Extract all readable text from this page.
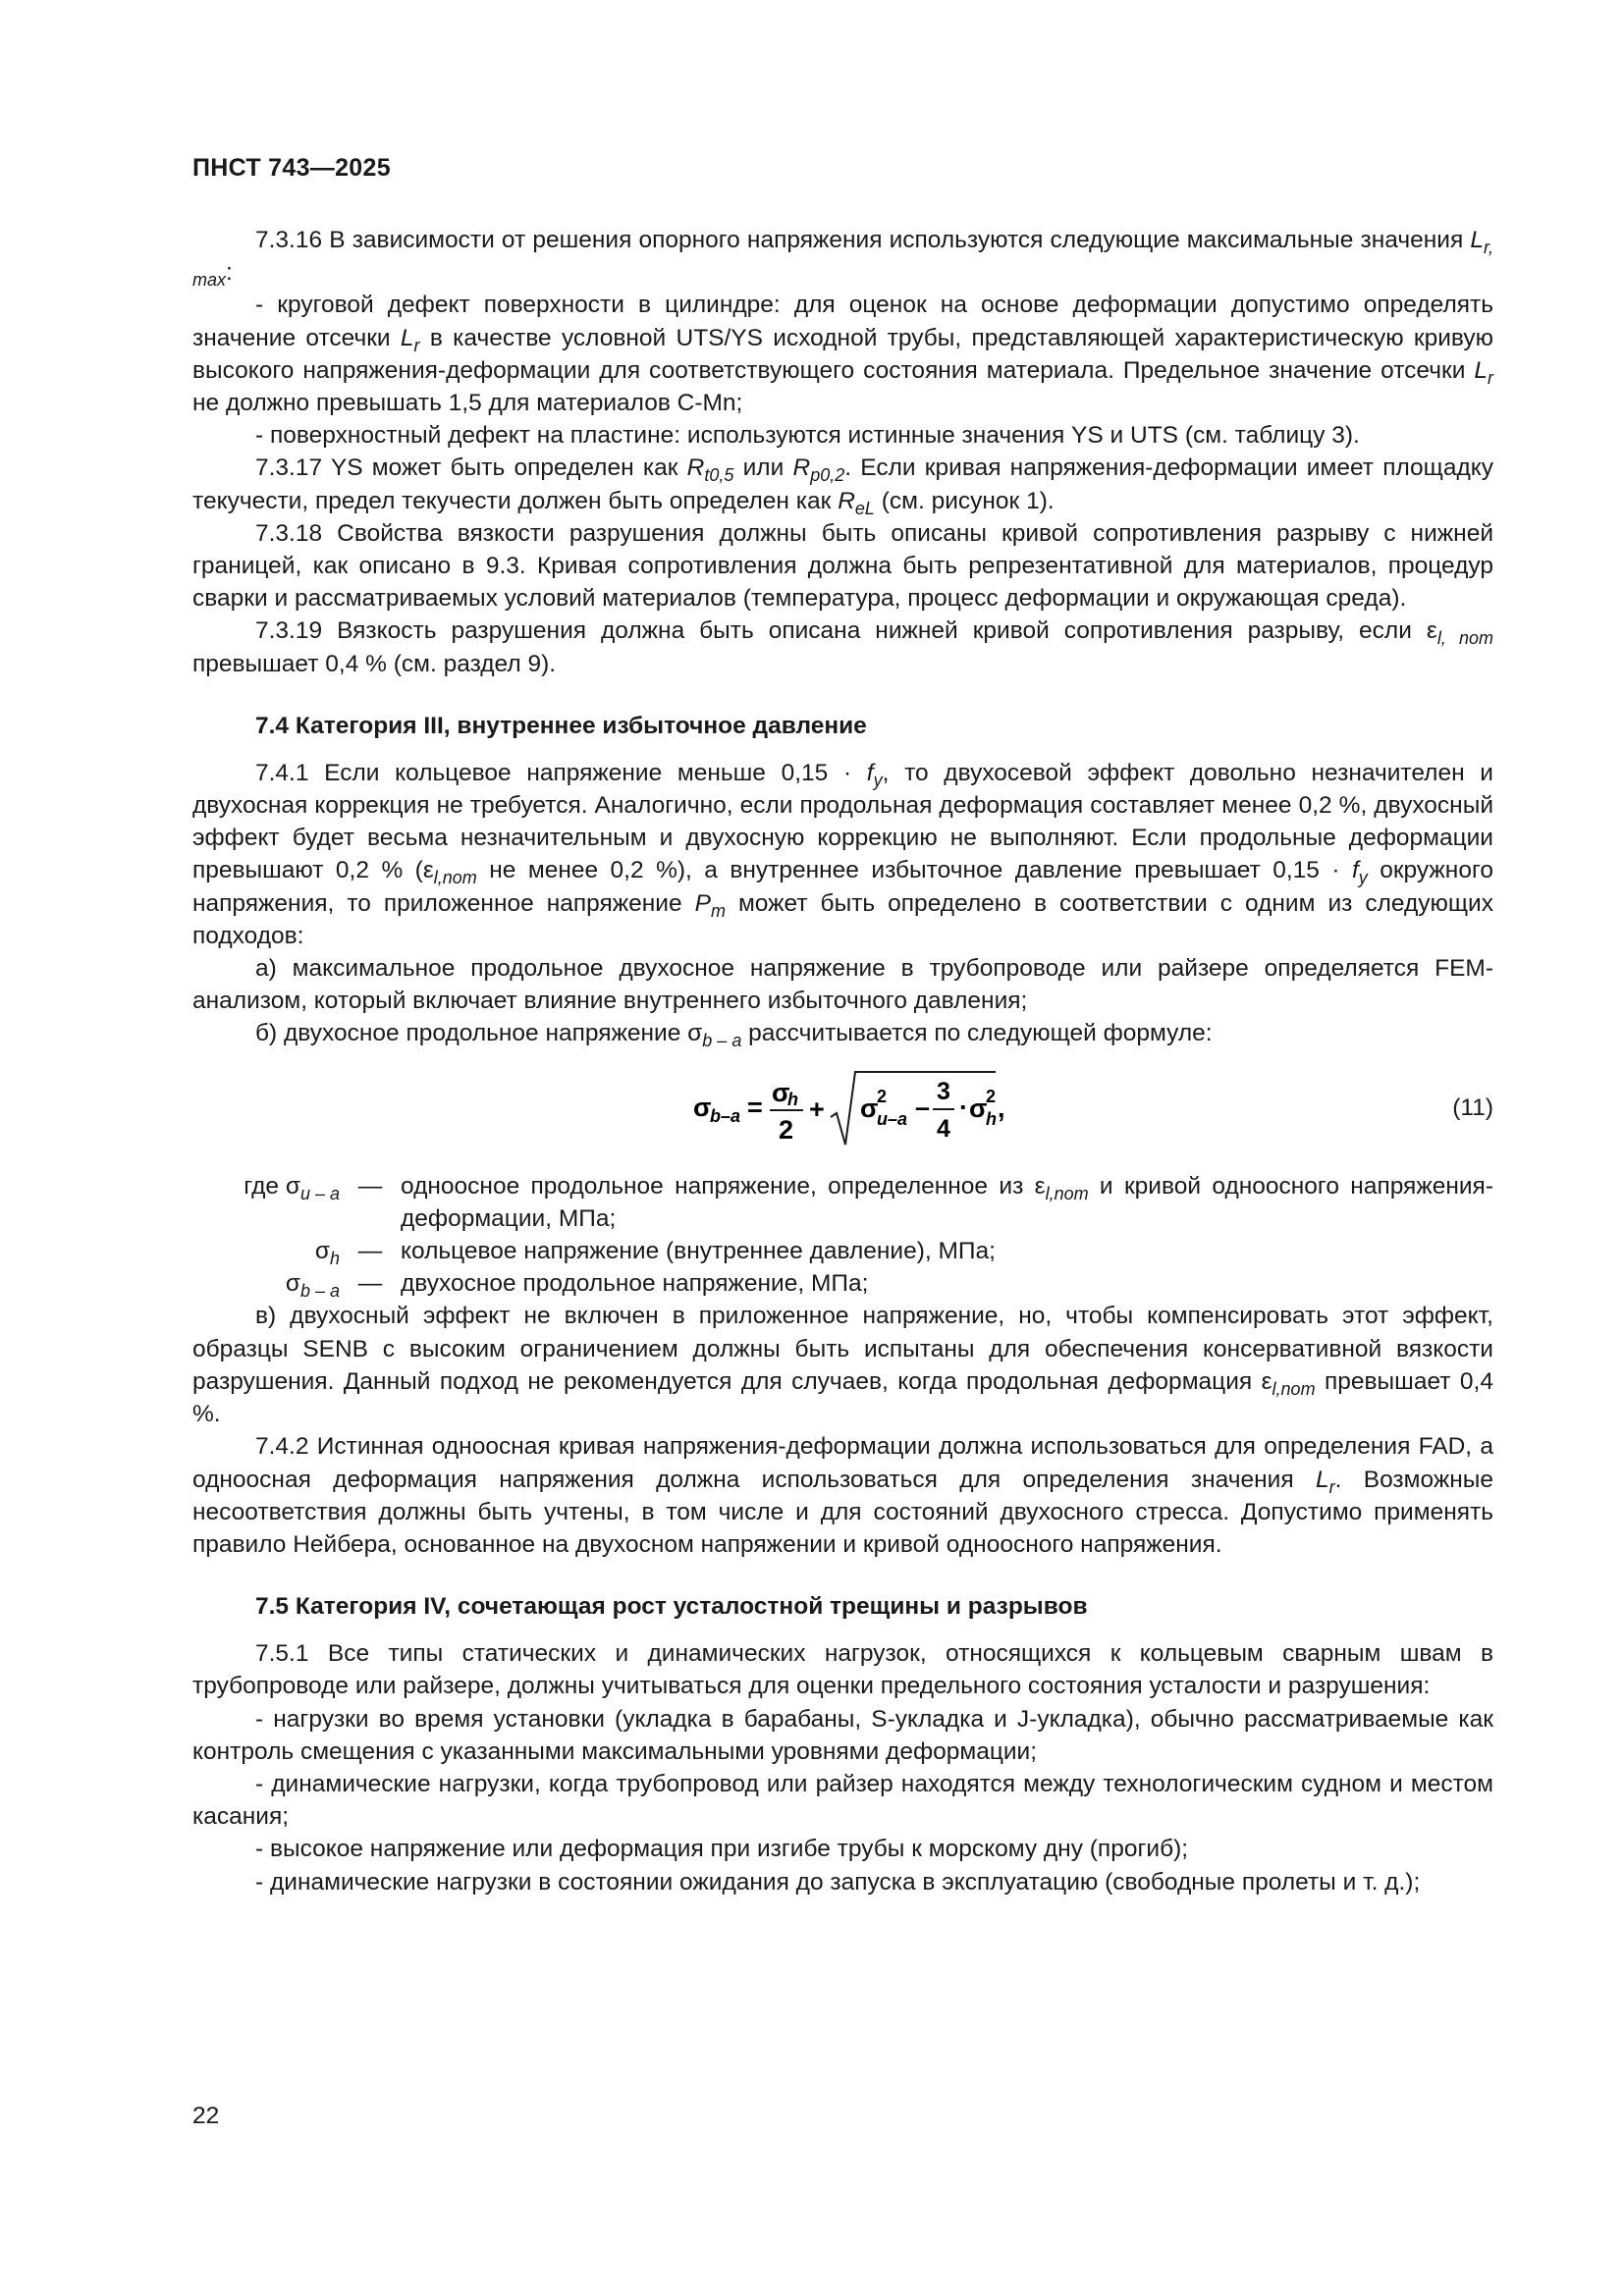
ПНСТ 743—2025

7.3.16 В зависимости от решения опорного напряжения используются следующие максимальные значения $L_{r, max}$:

- круговой дефект поверхности в цилиндре: для оценок на основе деформации допустимо определять значение отсечки $L_r$ в качестве условной UTS/YS исходной трубы, представляющей характеристическую кривую высокого напряжения-деформации для соответствующего состояния материала. Предельное значение отсечки $L_r$ не должно превышать 1,5 для материалов C-Mn;

- поверхностный дефект на пластине: используются истинные значения YS и UTS (см. таблицу 3).

7.3.17 YS может быть определен как $R_{t0,5}$ или $R_{p0,2}$. Если кривая напряжения-деформации имеет площадку текучести, предел текучести должен быть определен как $R_{eL}$ (см. рисунок 1).

7.3.18 Свойства вязкости разрушения должны быть описаны кривой сопротивления разрыву с нижней границей, как описано в 9.3. Кривая сопротивления должна быть репрезентативной для материалов, процедур сварки и рассматриваемых условий материалов (температура, процесс деформации и окружающая среда).

7.3.19 Вязкость разрушения должна быть описана нижней кривой сопротивления разрыву, если $\varepsilon_{l, nom}$ превышает 0,4 % (см. раздел 9).

7.4 Категория III, внутреннее избыточное давление

7.4.1 Если кольцевое напряжение меньше $0,15 \cdot f_y$, то двухосевой эффект довольно незначителен и двухосная коррекция не требуется. Аналогично, если продольная деформация составляет менее 0,2 %, двухосный эффект будет весьма незначительным и двухосную коррекцию не выполняют. Если продольные деформации превышают 0,2 % ($\varepsilon_{l,nom}$ не менее 0,2 %), а внутреннее избыточное давление превышает $0,15 \cdot f_y$ окружного напряжения, то приложенное напряжение $P_m$ может быть определено в соответствии с одним из следующих подходов:

а) максимальное продольное двухосное напряжение в трубопроводе или райзере определяется FEM-анализом, который включает влияние внутреннего избыточного давления;

б) двухосное продольное напряжение $\sigma_{b - a}$ рассчитывается по следующей формуле:

σ
b–a = σ
h
2
+ σ
2
u–a –
3
4
· σ
2
h ,	(11)
где $\sigma_{u - a}$ — одноосное продольное напряжение, определенное из $\varepsilon_{l,nom}$ и кривой одноосного напряжения-деформации, МПа;
$\sigma_h$ — кольцевое напряжение (внутреннее давление), МПа;
$\sigma_{b - a}$ — двухосное продольное напряжение, МПа;

в) двухосный эффект не включен в приложенное напряжение, но, чтобы компенсировать этот эффект, образцы SENB с высоким ограничением должны быть испытаны для обеспечения консервативной вязкости разрушения. Данный подход не рекомендуется для случаев, когда продольная деформация $\varepsilon_{l,nom}$ превышает 0,4 %.

7.4.2 Истинная одноосная кривая напряжения-деформации должна использоваться для определения FAD, а одноосная деформация напряжения должна использоваться для определения значения $L_r$. Возможные несоответствия должны быть учтены, в том числе и для состояний двухосного стресса. Допустимо применять правило Нейбера, основанное на двухосном напряжении и кривой одноосного напряжения.

7.5 Категория IV, сочетающая рост усталостной трещины и разрывов

7.5.1 Все типы статических и динамических нагрузок, относящихся к кольцевым сварным швам в трубопроводе или райзере, должны учитываться для оценки предельного состояния усталости и разрушения:

- нагрузки во время установки (укладка в барабаны, S-укладка и J-укладка), обычно рассматриваемые как контроль смещения с указанными максимальными уровнями деформации;

- динамические нагрузки, когда трубопровод или райзер находятся между технологическим судном и местом касания;

- высокое напряжение или деформация при изгибе трубы к морскому дну (прогиб);

- динамические нагрузки в состоянии ожидания до запуска в эксплуатацию (свободные пролеты и т. д.);

22
